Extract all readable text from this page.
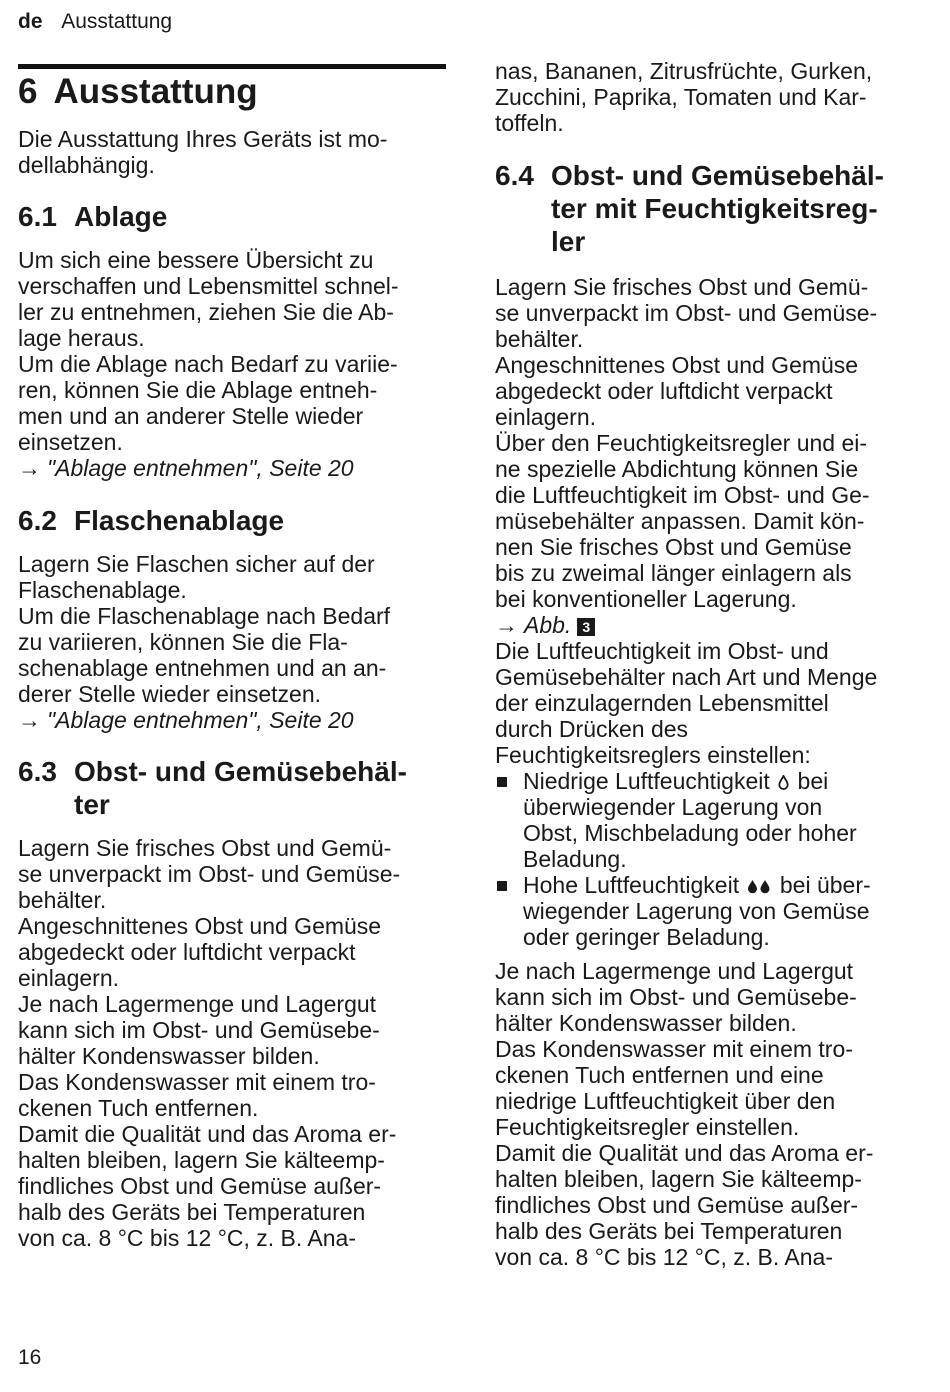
de Ausstattung
6 Ausstattung

Die Ausstattung Ihres Geräts ist mo-

dellabhängig.

6.1 Ablage

Um sich eine bessere Übersicht zu

verschaffen und Lebensmittel schnel-

ler zu entnehmen, ziehen Sie die Ab-

lage heraus.

Um die Ablage nach Bedarf zu variie-

ren, können Sie die Ablage entneh-

men und an anderer Stelle wieder

einsetzen.

→ "Ablage entnehmen", Seite 20

6.2 Flaschenablage

Lagern Sie Flaschen sicher auf der

Flaschenablage.

Um die Flaschenablage nach Bedarf

zu variieren, können Sie die Fla-

schenablage entnehmen und an an-

derer Stelle wieder einsetzen.

→ "Ablage entnehmen", Seite 20

6.3 Obst- und Gemüsebehäl-
ter

Lagern Sie frisches Obst und Gemü-

se unverpackt im Obst- und Gemüse-

behälter.

Angeschnittenes Obst und Gemüse

abgedeckt oder luftdicht verpackt

einlagern.

Je nach Lagermenge und Lagergut

kann sich im Obst- und Gemüsebe-

hälter Kondenswasser bilden.

Das Kondenswasser mit einem tro-

ckenen Tuch entfernen.

Damit die Qualität und das Aroma er-

halten bleiben, lagern Sie kälteemp-

findliches Obst und Gemüse außer-

halb des Geräts bei Temperaturen

von ca. 8 °C bis 12 °C, z. B. Ana-

nas, Bananen, Zitrusfrüchte, Gurken,

Zucchini, Paprika, Tomaten und Kar-

toffeln.

6.4 Obst- und Gemüsebehäl-
ter mit Feuchtigkeitsreg-
ler

Lagern Sie frisches Obst und Gemü-

se unverpackt im Obst- und Gemüse-

behälter.

Angeschnittenes Obst und Gemüse

abgedeckt oder luftdicht verpackt

einlagern.

Über den Feuchtigkeitsregler und ei-

ne spezielle Abdichtung können Sie

die Luftfeuchtigkeit im Obst- und Ge-

müsebehälter anpassen. Damit kön-

nen Sie frisches Obst und Gemüse

bis zu zweimal länger einlagern als

bei konventioneller Lagerung.

→ Abb. 3

Die Luftfeuchtigkeit im Obst- und

Gemüsebehälter nach Art und Menge

der einzulagernden Lebensmittel

durch Drücken des

Feuchtigkeitsreglers einstellen:

Niedrige Luftfeuchtigkeit bei
überwiegender Lagerung von
Obst, Mischbeladung oder hoher
Beladung.
Hohe Luftfeuchtigkeit bei über-
wiegender Lagerung von Gemüse
oder geringer Beladung.

Je nach Lagermenge und Lagergut

kann sich im Obst- und Gemüsebe-

hälter Kondenswasser bilden.

Das Kondenswasser mit einem tro-

ckenen Tuch entfernen und eine

niedrige Luftfeuchtigkeit über den

Feuchtigkeitsregler einstellen.

Damit die Qualität und das Aroma er-

halten bleiben, lagern Sie kälteemp-

findliches Obst und Gemüse außer-

halb des Geräts bei Temperaturen

von ca. 8 °C bis 12 °C, z. B. Ana-

16
